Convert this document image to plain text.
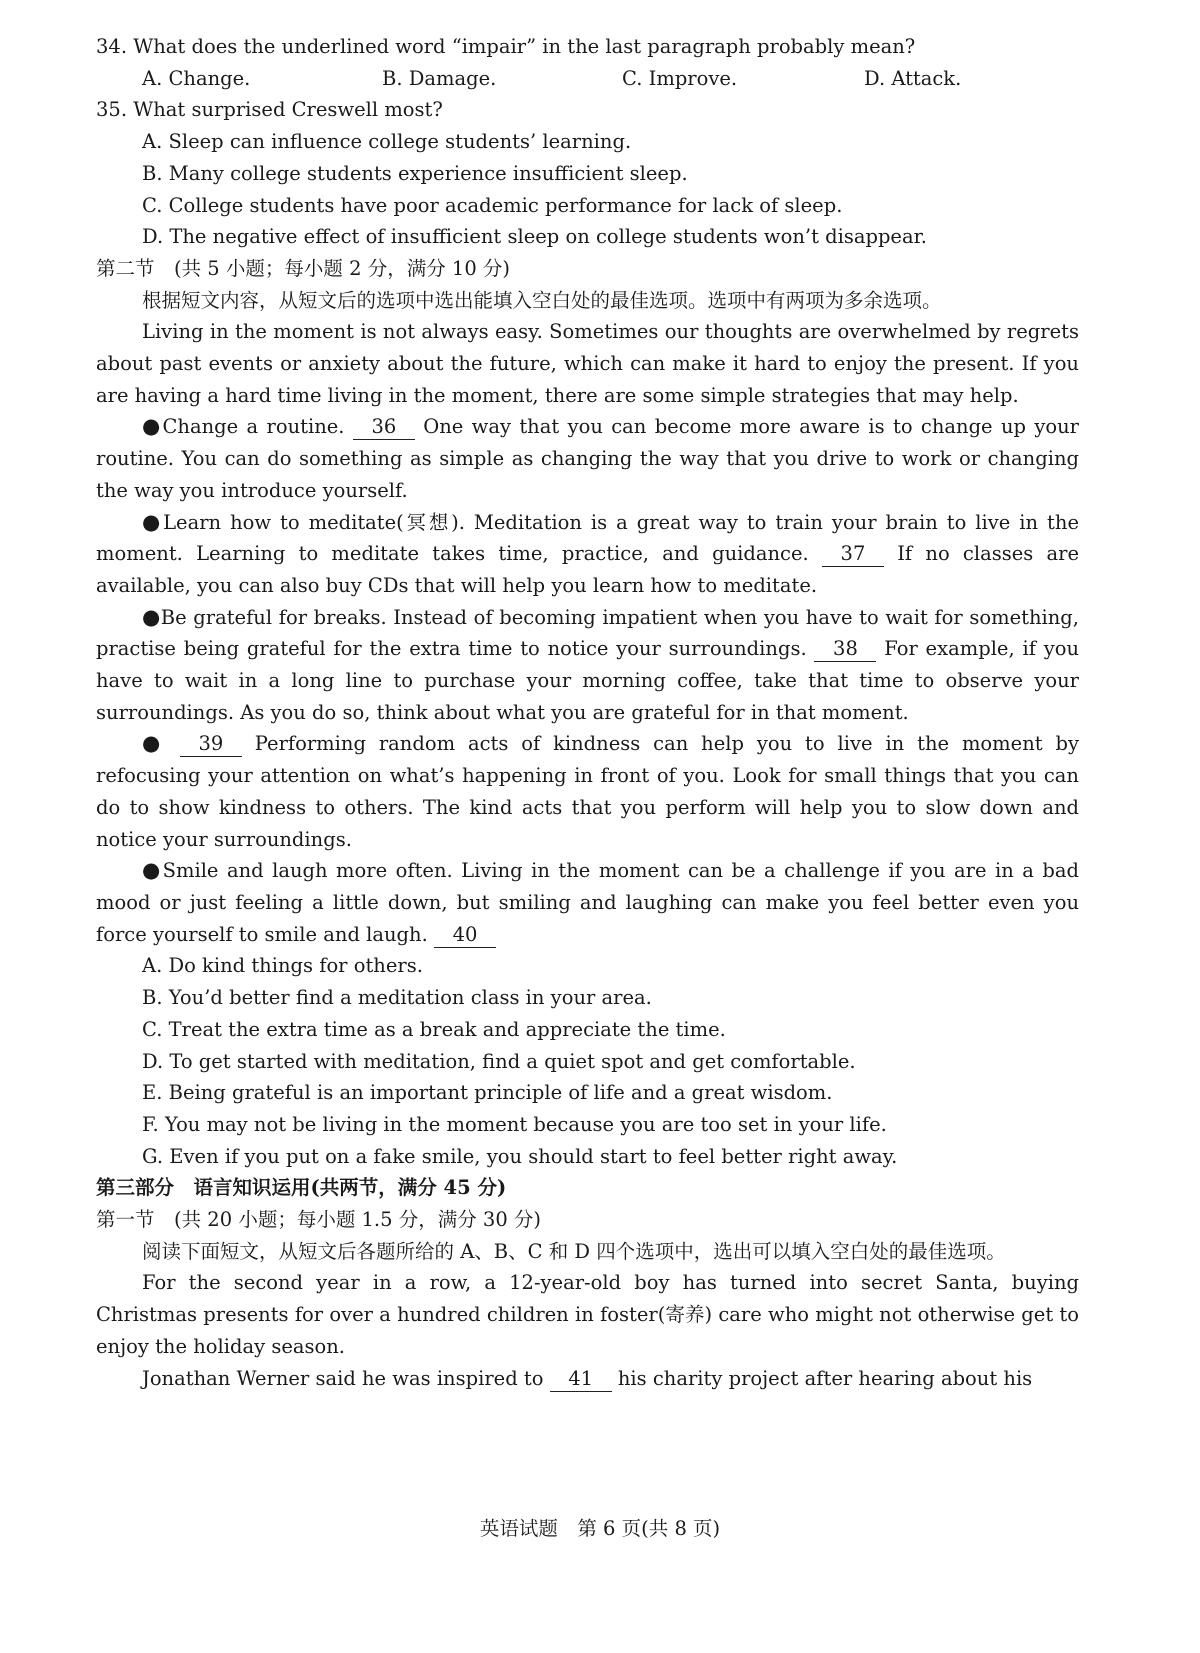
34. What does the underlined word “impair” in the last paragraph probably mean?

A. Change.	B. Damage.	C. Improve.	D. Attack.

35. What surprised Creswell most?

A. Sleep can influence college students’ learning.

B. Many college students experience insufficient sleep.

C. College students have poor academic performance for lack of sleep.

D. The negative effect of insufficient sleep on college students won’t disappear.

第二节　(共 5 小题；每小题 2 分，满分 10 分)

根据短文内容，从短文后的选项中选出能填入空白处的最佳选项。选项中有两项为多余选项。

Living in the moment is not always easy. Sometimes our thoughts are overwhelmed by regrets about past events or anxiety about the future, which can make it hard to enjoy the present. If you are having a hard time living in the moment, there are some simple strategies that may help.

●Change a routine. 36 One way that you can become more aware is to change up your routine. You can do something as simple as changing the way that you drive to work or changing the way you introduce yourself.

●Learn how to meditate(冥想). Meditation is a great way to train your brain to live in the moment. Learning to meditate takes time, practice, and guidance. 37 If no classes are available, you can also buy CDs that will help you learn how to meditate.

●Be grateful for breaks. Instead of becoming impatient when you have to wait for something, practise being grateful for the extra time to notice your surroundings. 38 For example, if you have to wait in a long line to purchase your morning coffee, take that time to observe your surroundings. As you do so, think about what you are grateful for in that moment.

● 39 Performing random acts of kindness can help you to live in the moment by refocusing your attention on what’s happening in front of you. Look for small things that you can do to show kindness to others. The kind acts that you perform will help you to slow down and notice your surroundings.

●Smile and laugh more often. Living in the moment can be a challenge if you are in a bad mood or just feeling a little down, but smiling and laughing can make you feel better even you force yourself to smile and laugh. 40

A. Do kind things for others.

B. You’d better find a meditation class in your area.

C. Treat the extra time as a break and appreciate the time.

D. To get started with meditation, find a quiet spot and get comfortable.

E. Being grateful is an important principle of life and a great wisdom.

F. You may not be living in the moment because you are too set in your life.

G. Even if you put on a fake smile, you should start to feel better right away.

第三部分　语言知识运用(共两节，满分 45 分)

第一节　(共 20 小题；每小题 1.5 分，满分 30 分)

阅读下面短文，从短文后各题所给的 A、B、C 和 D 四个选项中，选出可以填入空白处的最佳选项。

For the second year in a row, a 12-year-old boy has turned into secret Santa, buying Christmas presents for over a hundred children in foster(寄养) care who might not otherwise get to enjoy the holiday season.

Jonathan Werner said he was inspired to 41 his charity project after hearing about his

英语试题　第 6 页(共 8 页)
